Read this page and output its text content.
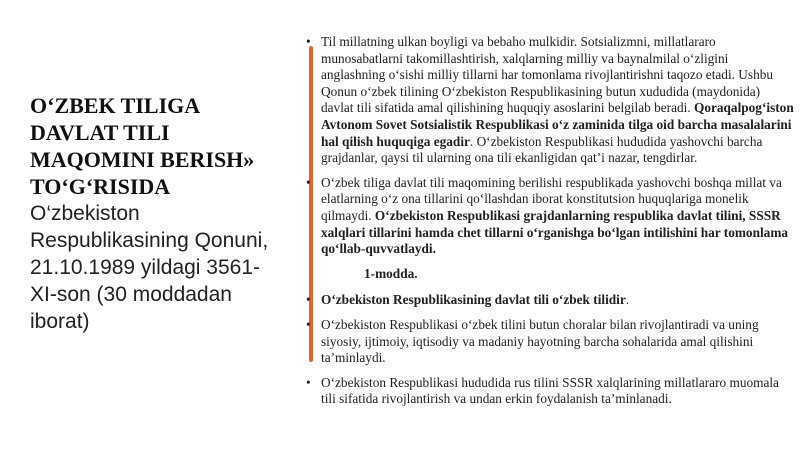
O‘ZBEK TILIGA DAVLAT TILI MAQOMINI BERISH» TO‘G‘RISIDA
O‘zbekiston Respublikasining Qonuni, 21.10.1989 yildagi 3561-XI-son (30 moddadan iborat)
• Til millatning ulkan boyligi va bebaho mulkidir. Sotsializmni, millatlararo munosabatlarni takomillashtirish, xalqlarning milliy va baynalmilal o‘zligini anglashning o‘sishi milliy tillarni har tomonlama rivojlantirishni taqozo etadi. Ushbu Qonun o‘zbek tilining O‘zbekiston Respublikasining butun xududida (maydonida) davlat tili sifatida amal qilishining huquqiy asoslarini belgilab beradi. Qoraqalpog‘iston Avtonom Sovet Sotsialistik Respublikasi o‘z zaminida tilga oid barcha masalalarini hal qilish huquqiga egadir. O‘zbekiston Respublikasi hududida yashovchi barcha grajdanlar, qaysi til ularning ona tili ekanligidan qat’i nazar, tengdirlar.
• O‘zbek tiliga davlat tili maqomining berilishi respublikada yashovchi boshqa millat va elatlarning o‘z ona tillarini qo‘llashdan iborat konstitutsion huquqlariga monelik qilmaydi. O‘zbekiston Respublikasi grajdanlarning respublika davlat tilini, SSSR xalqlari tillarini hamda chet tillarni o‘rganishga bo‘lgan intilishini har tomonlama qo‘llab-quvvatlaydi.
1-modda.
• O‘zbekiston Respublikasining davlat tili o‘zbek tilidir.
• O‘zbekiston Respublikasi o‘zbek tilini butun choralar bilan rivojlantiradi va uning siyosiy, ijtimoiy, iqtisodiy va madaniy hayotning barcha sohalarida amal qilishini ta’minlaydi.
• O‘zbekiston Respublikasi hududida rus tilini SSSR xalqlarining millatlararo muomala tili sifatida rivojlantirish va undan erkin foydalanish ta’minlanadi.
